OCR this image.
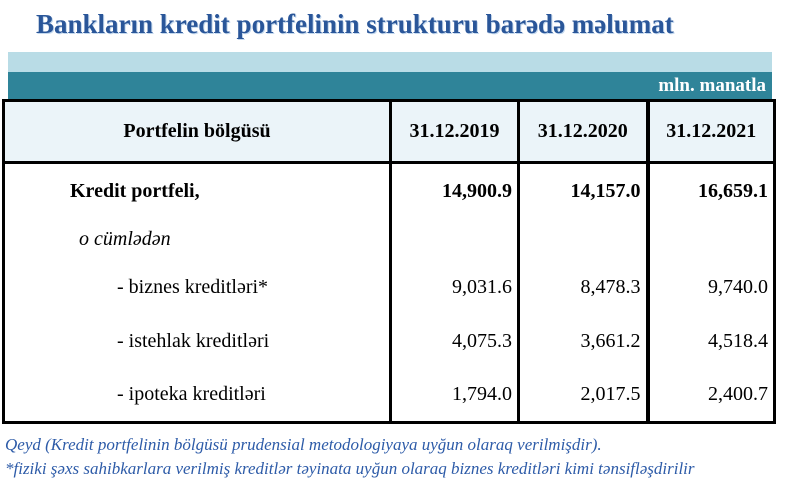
Bankların kredit portfelinin strukturu barədə məlumat
mln. manatla
Portfelin bölgüsü	31.12.2019	31.12.2020	31.12.2021
Kredit portfeli,	14,900.9	14,157.0	16,659.1
o cümlədən			
- biznes kreditləri*	9,031.6	8,478.3	9,740.0
- istehlak kreditləri	4,075.3	3,661.2	4,518.4
- ipoteka kreditləri	1,794.0	2,017.5	2,400.7

Qeyd (Kredit portfelinin bölgüsü prudensial metodologiyaya uyğun olaraq verilmişdir).

*fiziki şəxs sahibkarlara verilmiş kreditlər təyinata uyğun olaraq biznes kreditləri kimi tənsifləşdirilir
